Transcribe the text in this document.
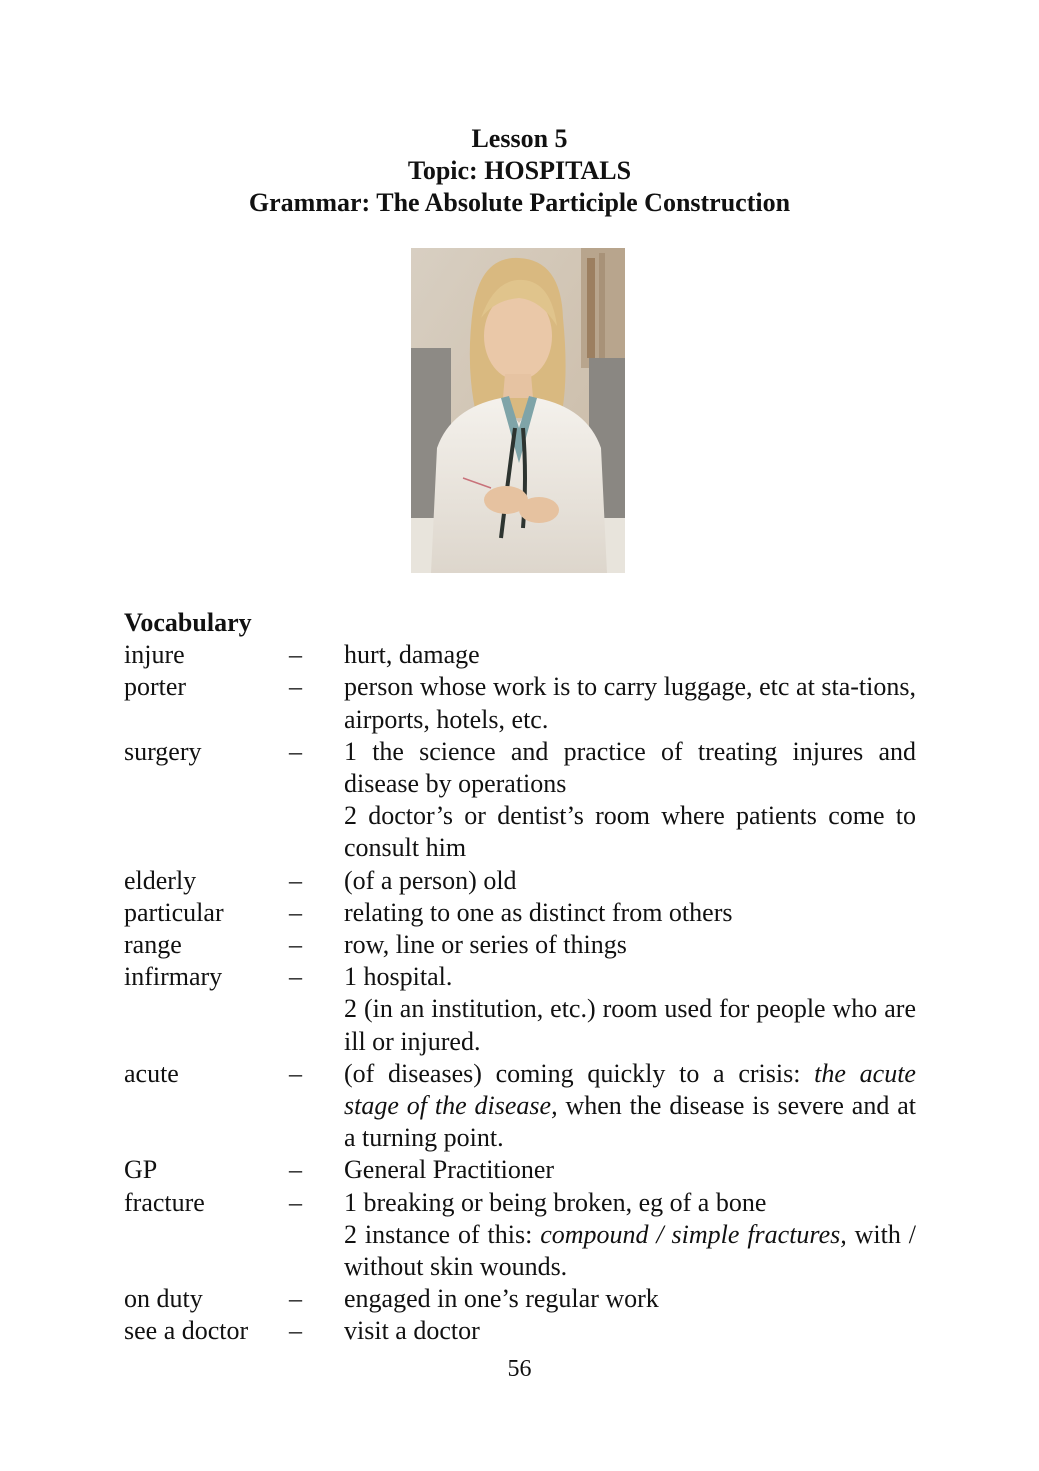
Lesson 5
Topic: HOSPITALS
Grammar: The Absolute Participle Construction
Vocabulary
injure	–	hurt, damage
porter	–	person whose work is to carry luggage, etc at sta-tions, airports, hotels, etc.
surgery	–	1 the science and practice of treating injures and disease by operations
2 doctor’s or dentist’s room where patients come to consult him
elderly	–	(of a person) old
particular	–	relating to one as distinct from others
range	–	row, line or series of things
infirmary	–	1 hospital.
2 (in an institution, etc.) room used for people who are ill or injured.
acute	–	(of diseases) coming quickly to a crisis: the acute stage of the disease, when the disease is severe and at a turning point.
GP	–	General Practitioner
fracture	–	1 breaking or being broken, eg of a bone
2 instance of this: compound / simple fractures, with / without skin wounds.
on duty	–	engaged in one’s regular work
see a doctor	–	visit a doctor
56
